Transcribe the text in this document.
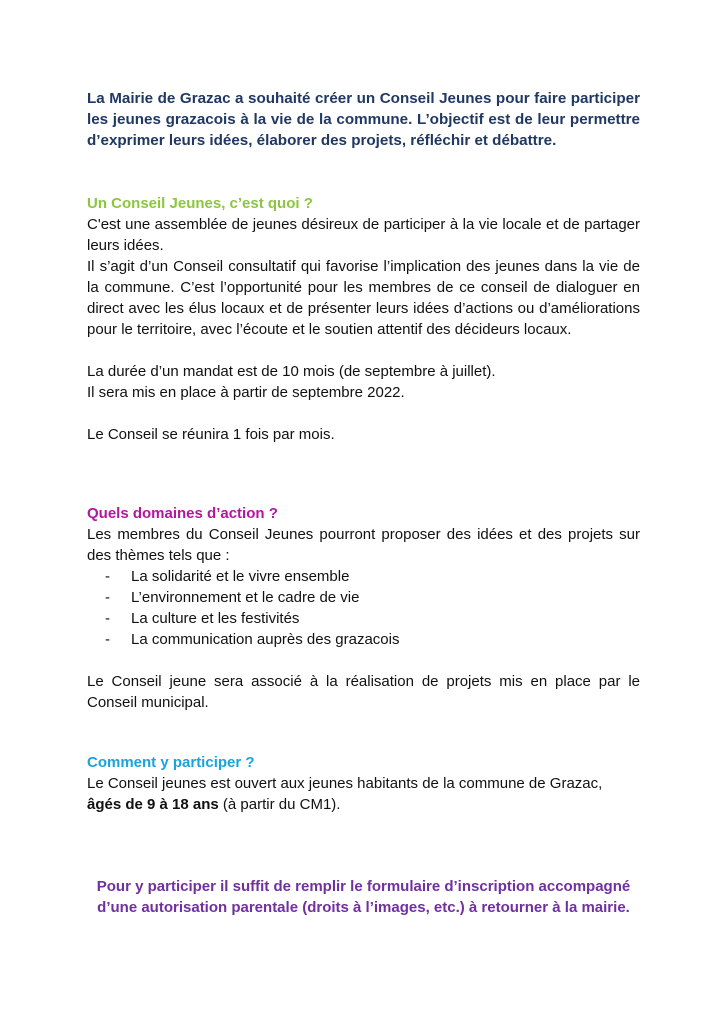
La Mairie de Grazac a souhaité créer un Conseil Jeunes pour faire participer les jeunes grazacois à la vie de la commune. L’objectif est de leur permettre d’exprimer leurs idées, élaborer des projets, réfléchir et débattre.

Un Conseil Jeunes, c’est quoi ?

C'est une assemblée de jeunes désireux de participer à la vie locale et de partager leurs idées.

Il s’agit d’un Conseil consultatif qui favorise l’implication des jeunes dans la vie de la commune. C’est l’opportunité pour les membres de ce conseil de dialoguer en direct avec les élus locaux et de présenter leurs idées d’actions ou d’améliorations pour le territoire, avec l’écoute et le soutien attentif des décideurs locaux.

La durée d’un mandat est de 10 mois (de septembre à juillet).

Il sera mis en place à partir de septembre 2022.

Le Conseil se réunira 1 fois par mois.

Quels domaines d’action ?

Les membres du Conseil Jeunes pourront proposer des idées et des projets sur des thèmes tels que :

- La solidarité et le vivre ensemble
- L’environnement et le cadre de vie
- La culture et les festivités
- La communication auprès des grazacois

Le Conseil jeune sera associé à la réalisation de projets mis en place par le Conseil municipal.

Comment y participer ?

Le Conseil jeunes est ouvert aux jeunes habitants de la commune de Grazac, âgés de 9 à 18 ans (à partir du CM1).

Pour y participer il suffit de remplir le formulaire d’inscription accompagné d’une autorisation parentale (droits à l’images, etc.) à retourner à la mairie.
